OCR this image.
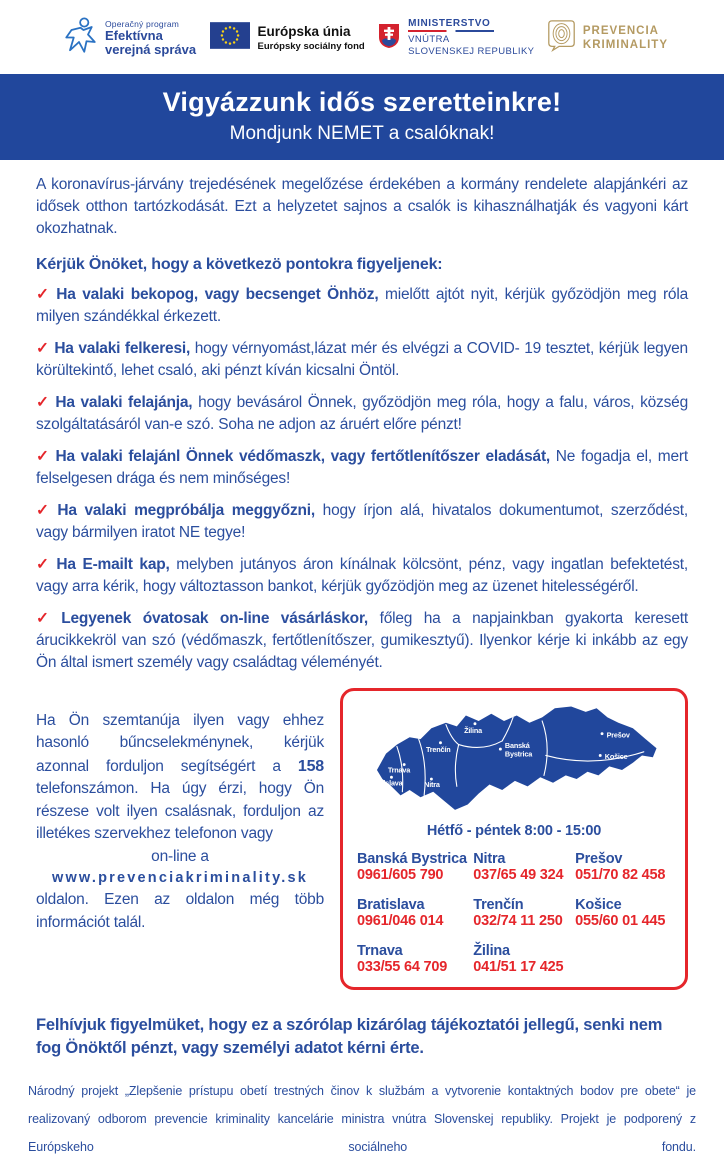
Operačný program
Efektívna
verejná správa
Európska únia
Európsky sociálny fond
MINISTERSTVO
VNÚTRA
SLOVENSKEJ REPUBLIKY
PREVENCIA
KRIMINALITY
Vigyázzunk idős szeretteinkre!
Mondjunk NEMET a csalóknak!

A koronavírus-járvány trejedésének megelőzése érdekében a kormány rendelete alapjánkéri az idősek otthon tartózkodását. Ezt a helyzetet sajnos a csalók is kihasználhatják és vagyoni kárt okozhatnak.

Kérjük Önöket, hogy a következö pontokra figyeljenek:

✓ Ha valaki bekopog, vagy becsenget Önhöz, mielőtt ajtót nyit, kérjük győzödjön meg róla milyen szándékkal érkezett.

✓ Ha valaki felkeresi, hogy vérnyomást,lázat mér és elvégzi a COVID- 19 tesztet, kérjük legyen körültekintő, lehet csaló, aki pénzt kíván kicsalni Öntöl.

✓ Ha valaki felajánja, hogy bevásárol Önnek, győzödjön meg róla, hogy a falu, város, község szolgáltatásáról van-e szó. Soha ne adjon az áruért előre pénzt!

✓ Ha valaki felajánl Önnek védőmaszk, vagy fertőtlenítőszer eladását, Ne fogadja el, mert felselgesen drága és nem minőséges!

✓ Ha valaki megpróbálja meggyőzni, hogy írjon alá, hivatalos dokumentumot, szerződést, vagy bármilyen iratot NE tegye!

✓ Ha E-mailt kap, melyben jutányos áron kínálnak kölcsönt, pénz, vagy ingatlan befektetést, vagy arra kérik, hogy változtasson bankot, kérjük győzödjön meg az üzenet hitelességéről.

✓ Legyenek óvatosak on-line vásárláskor, főleg ha a napjainkban gyakorta keresett árucikkekröl van szó (védőmaszk, fertőtlenítőszer, gumikesztyű). Ilyenkor kérje ki inkább az egy Ön által ismert személy vagy családtag véleményét.

Ha Ön szemtanúja ilyen vagy ehhez hasonló bűncselekménynek, kérjük azonnal forduljon segítségért a 158 telefonszámon. Ha úgy érzi, hogy Ön részese volt ilyen csalásnak, forduljon az illetékes szervekhez telefonon vagy

on-line a
www.prevenciakriminality.sk

oldalon. Ezen az oldalon még több információt talál.

Bratislava
Trnava
Nitra
Trenčín
Žilina
Banská
Bystrica
Prešov
Košice
Hétfő - péntek 8:00 - 15:00
Banská Bystrica
0961/605 790
Nitra
037/65 49 324
Prešov
051/70 82 458
Bratislava
0961/046 014
Trenčín
032/74 11 250
Košice
055/60 01 445
Trnava
033/55 64 709
Žilina
041/51 17 425

Felhívjuk figyelmüket, hogy ez a szórólap kizárólag tájékoztatói jellegű, senki nem fog Önöktől pénzt, vagy személyi adatot kérni érte.

Národný projekt „Zlepšenie prístupu obetí trestných činov k službám a vytvorenie kontaktných bodov pre obete“ je realizovaný odborom prevencie kriminality kancelárie ministra vnútra Slovenskej republiky. Projekt je podporený z Európskeho sociálneho fondu.
